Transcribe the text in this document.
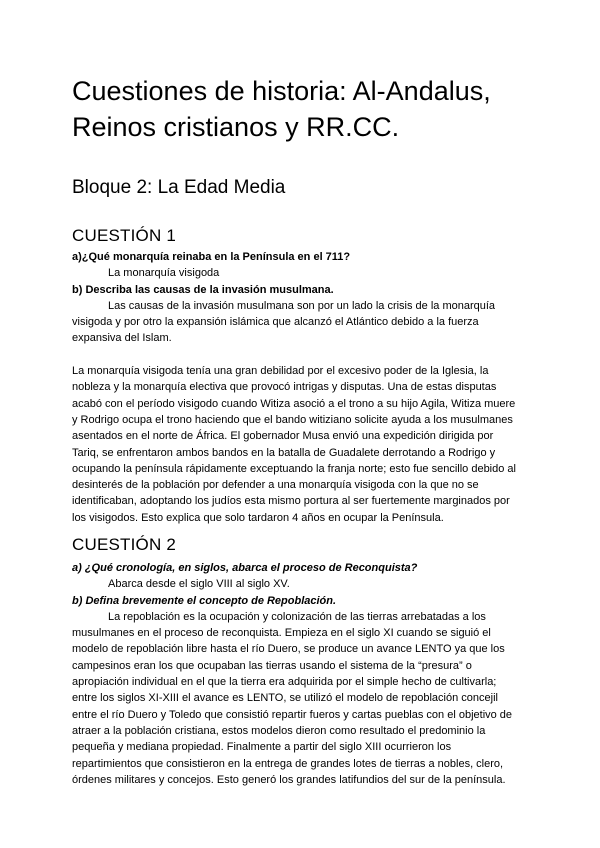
Cuestiones de historia: Al-Andalus,
Reinos cristianos y RR.CC.
Bloque 2: La Edad Media
CUESTIÓN 1
a)¿Qué monarquía reinaba en la Península en el 711?
La monarquía visigoda
b) Describa las causas de la invasión musulmana.
Las causas de la invasión musulmana son por un lado la crisis de la monarquía
visigoda y por otro la expansión islámica que alcanzó el Atlántico debido a la fuerza
expansiva del Islam.
La monarquía visigoda tenía una gran debilidad por el excesivo poder de la Iglesia, la
nobleza y la monarquía electiva que provocó intrigas y disputas. Una de estas disputas
acabó con el período visigodo cuando Witiza asoció a el trono a su hijo Agila, Witiza muere
y Rodrigo ocupa el trono haciendo que el bando witiziano solicite ayuda a los musulmanes
asentados en el norte de África. El gobernador Musa envió una expedición dirigida por
Tariq, se enfrentaron ambos bandos en la batalla de Guadalete derrotando a Rodrigo y
ocupando la península rápidamente exceptuando la franja norte; esto fue sencillo debido al
desinterés de la población por defender a una monarquía visigoda con la que no se
identificaban, adoptando los judíos esta mismo portura al ser fuertemente marginados por
los visigodos. Esto explica que solo tardaron 4 años en ocupar la Península.
CUESTIÓN 2
a) ¿Qué cronología, en siglos, abarca el proceso de Reconquista?
Abarca desde el siglo VIII al siglo XV.
b) Defina brevemente el concepto de Repoblación.
La repoblación es la ocupación y colonización de las tierras arrebatadas a los
musulmanes en el proceso de reconquista. Empieza en el siglo XI cuando se siguió el
modelo de repoblación libre hasta el río Duero, se produce un avance LENTO ya que los
campesinos eran los que ocupaban las tierras usando el sistema de la “presura” o
apropiación individual en el que la tierra era adquirida por el simple hecho de cultivarla;
entre los siglos XI-XIII el avance es LENTO, se utilizó el modelo de repoblación concejil
entre el río Duero y Toledo que consistió repartir fueros y cartas pueblas con el objetivo de
atraer a la población cristiana, estos modelos dieron como resultado el predominio la
pequeña y mediana propiedad. Finalmente a partir del siglo XIII ocurrieron los
repartimientos que consistieron en la entrega de grandes lotes de tierras a nobles, clero,
órdenes militares y concejos. Esto generó los grandes latifundios del sur de la península.
